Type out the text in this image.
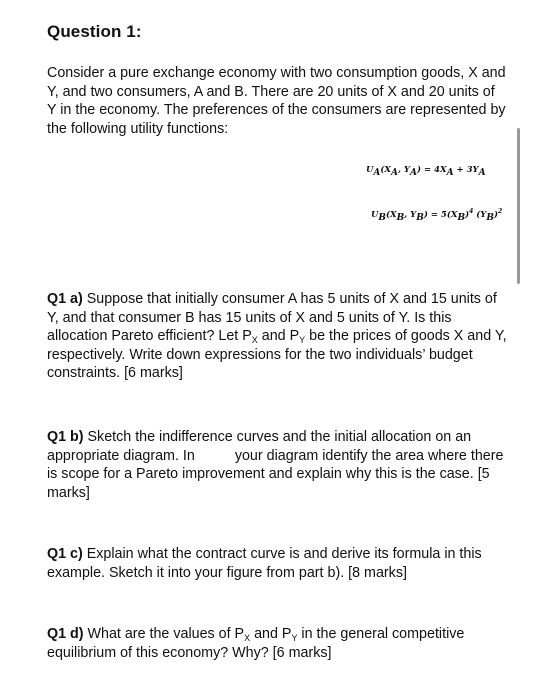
Question 1:
Consider a pure exchange economy with two consumption goods, X and Y, and two consumers, A and B. There are 20 units of X and 20 units of Y in the economy. The preferences of the consumers are represented by the following utility functions:
$U_A(X_A$, $Y_A) = 4X_A + 3Y_A$
$U_B(X_B$, $Y_B) = 5(X_B)^4$ $(Y_B)^2$
Q1 a) Suppose that initially consumer A has 5 units of X and 15 units of Y, and that consumer B has 15 units of X and 5 units of Y. Is this allocation Pareto efficient? Let $P_X$ and $P_Y$ be the prices of goods X and Y, respectively. Write down expressions for the two individuals’ budget constraints. [6 marks]
Q1 b) Sketch the indifference curves and the initial allocation on an appropriate diagram. In	your diagram identify the area where there is scope for a Pareto improvement and explain why this is the case. [5 marks]
Q1 c) Explain what the contract curve is and derive its formula in this example. Sketch it into your figure from part b). [8 marks]
Q1 d) What are the values of $P_X$ and $P_Y$ in the general competitive equilibrium of this economy? Why? [6 marks]
